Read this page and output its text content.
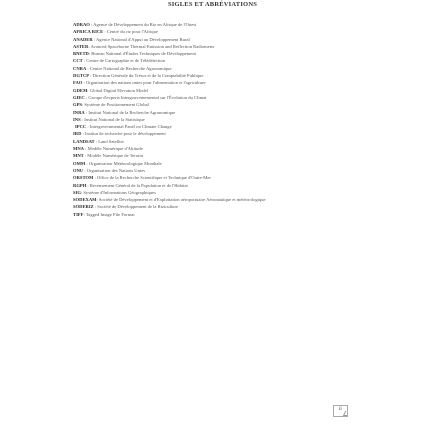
SIGLES ET ABRÉVIATIONS
ADRAO : Agence de Développement du Riz en Afrique de l'Ouest
AFRICA RICE : Centre du riz pour l'Afrique
ANADER : Agence National d'Appui au Développement Rural
ASTER: Avanced Spaceborne Thermal Emission and Reflection Radiometer
BNETD: Bureau National d'Études Techniques de Développement
CCT : Centre de Cartographie et de Télédétection
CNRA : Centre National de Recherche Agronomique
DGTCP : Direction Générale du Trésor et de la Comptabilité Publique
FAO : Organisation des nations unies pour l'alimentation et l'agriculture
GDEM: Global Digital Elevation Model
GIEC : Groupe d'experts Intergouvernemental sur l'Évolution du Climat
GPS: Système de Positionnement Global
INRA : Institut National de la Recherche Agronomique
INS : Institut National de la Statistique
IPCC : Intergovernmental Panel on Climate Change
IRD : Institut de recherche pour le développement
LANDSAT : Land Satellite
MNA : Modèle Numérique d'Altitude
MNT : Modèle Numérique de Terrain
OMM : Organisation Météorologique Mondiale
ONU : Organisation des Nations Unies
ORSTOM : Office de la Recherche Scientifique et Technique d'Outre-Mer
RGPH : Recensement Général de la Population et de l'Habitat
SIG: Système d'Informations Géographiques
SODEXAM: Société de Développement et d'Exploitation aéroportuaire Aéronautique et météorologique
SODERIZ : Société de Développement de la Riziculture
TIFF: Tagged Image File Format
ii
